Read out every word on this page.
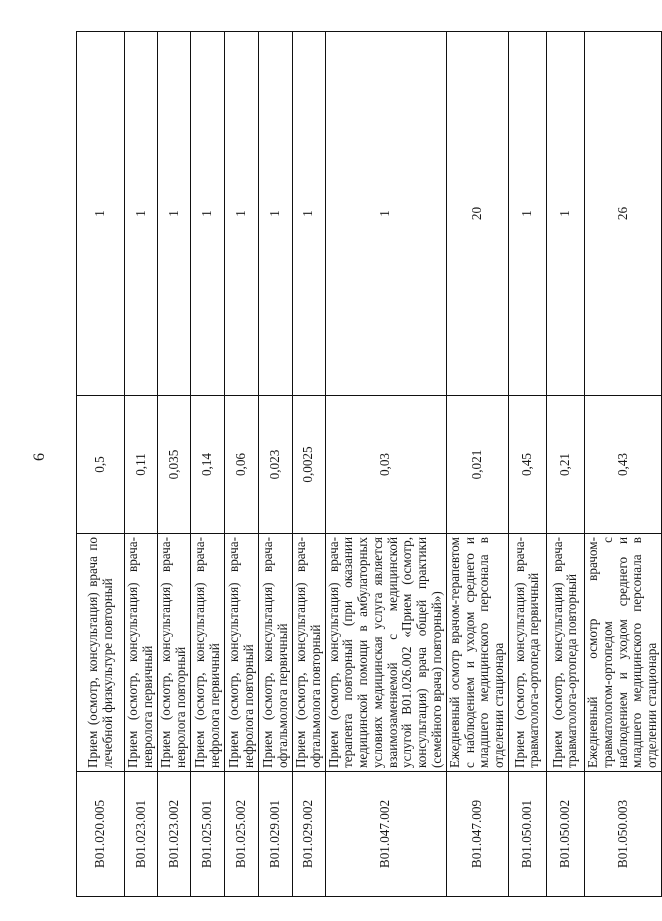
6
B01.020.005	Прием (осмотр, консультация) врача по лечебной физкультуре повторный	0,5	1
B01.023.001	Прием (осмотр, консультация) врача-невролога первичный	0,11	1
B01.023.002	Прием (осмотр, консультация) врача-невролога повторный	0,035	1
B01.025.001	Прием (осмотр, консультация) врача-нефролога первичный	0,14	1
B01.025.002	Прием (осмотр, консультация) врача-нефролога повторный	0,06	1
B01.029.001	Прием (осмотр, консультация) врача-офтальмолога первичный	0,023	1
B01.029.002	Прием (осмотр, консультация) врача-офтальмолога повторный	0,0025	1
B01.047.002	Прием (осмотр, консультация) врача-терапевта повторный (при оказании медицинской помощи в амбулаторных условиях медицинская услуга является взаимозаменяемой с медицинской услугой B01.026.002 «Прием (осмотр, консультация) врача общей практики (семейного врача) повторный»)	0,03	1
B01.047.009	Ежедневный осмотр врачом-терапевтом с наблюдением и уходом среднего и младшего медицинского персонала в отделении стационара	0,021	20
B01.050.001	Прием (осмотр, консультация) врача-травматолога-ортопеда первичный	0,45	1
B01.050.002	Прием (осмотр, консультация) врача-травматолога-ортопеда повторный	0,21	1
B01.050.003	Ежедневный осмотр врачом-травматологом-ортопедом с наблюдением и уходом среднего и младшего медицинского персонала в отделении стационара	0,43	26
